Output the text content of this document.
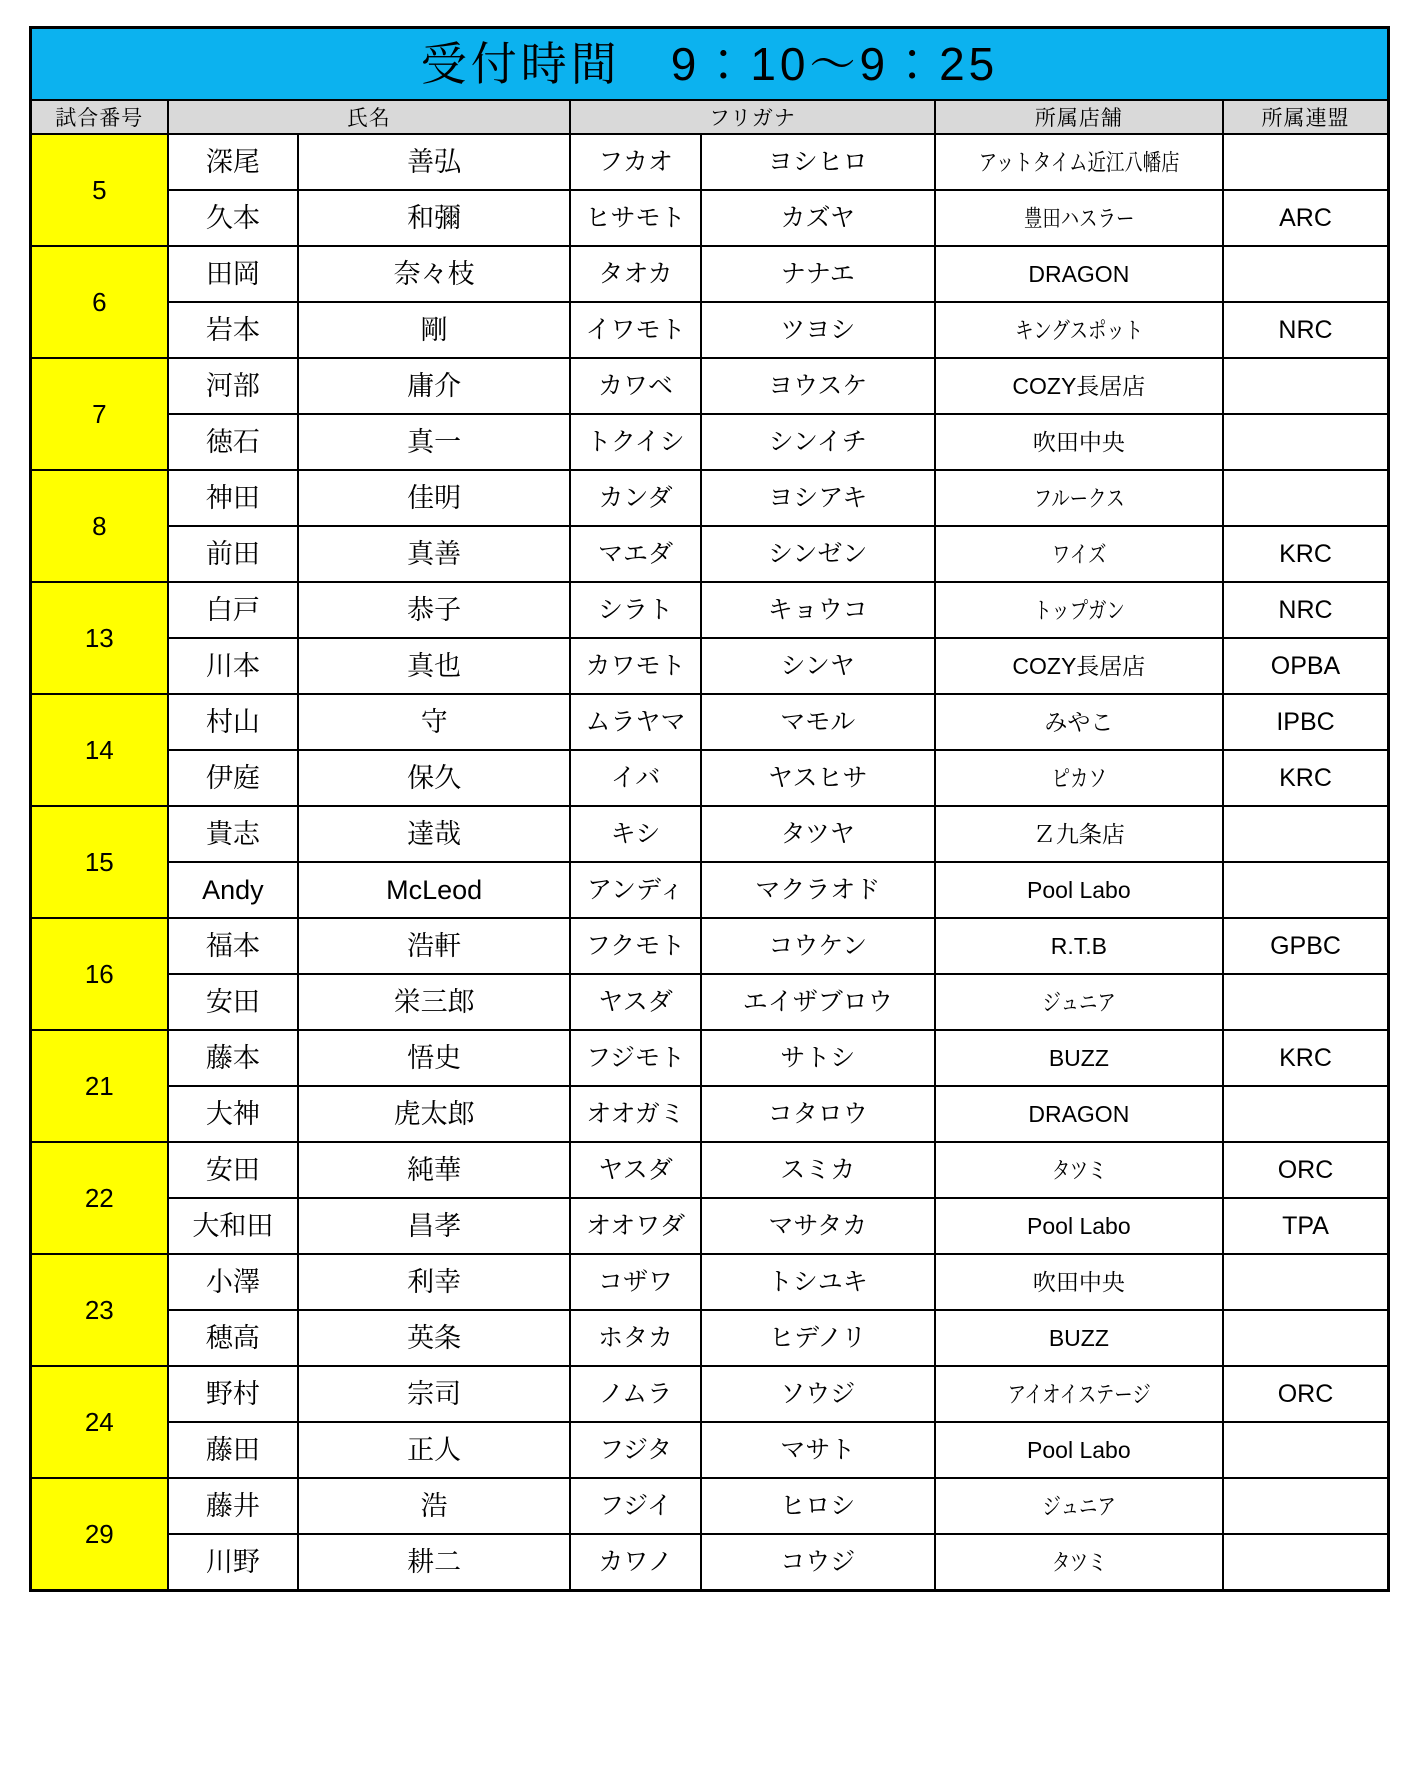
受付時間　9：10〜9：25						
試合番号	氏名		フリガナ		所属店舗	所属連盟
5	深尾	善弘	フカオ	ヨシヒロ	アットタイム近江八幡店	

	久本	和彌	ヒサモト	カズヤ	豊田ハスラー	ARC

6	田岡	奈々枝	タオカ	ナナエ	DRAGON	

	岩本	剛	イワモト	ツヨシ	キングスポット	NRC

7	河部	庸介	カワベ	ヨウスケ	COZY長居店	

	徳石	真一	トクイシ	シンイチ	吹田中央	

8	神田	佳明	カンダ	ヨシアキ	フルークス	

	前田	真善	マエダ	シンゼン	ワイズ	KRC

13	白戸	恭子	シラト	キョウコ	トップガン	NRC

	川本	真也	カワモト	シンヤ	COZY長居店	OPBA

14	村山	守	ムラヤマ	マモル	みやこ	IPBC

	伊庭	保久	イバ	ヤスヒサ	ピカソ	KRC

15	貴志	達哉	キシ	タツヤ	Ｚ九条店	

	Andy	McLeod	アンディ	マクラオド	Pool Labo	

16	福本	浩軒	フクモト	コウケン	R.T.B	GPBC

	安田	栄三郎	ヤスダ	エイザブロウ	ジュニア	

21	藤本	悟史	フジモト	サトシ	BUZZ	KRC

	大神	虎太郎	オオガミ	コタロウ	DRAGON	

22	安田	純華	ヤスダ	スミカ	タツミ	ORC

	大和田	昌孝	オオワダ	マサタカ	Pool Labo	TPA

23	小澤	利幸	コザワ	トシユキ	吹田中央	

	穂高	英条	ホタカ	ヒデノリ	BUZZ	

24	野村	宗司	ノムラ	ソウジ	アイオイステージ	ORC

	藤田	正人	フジタ	マサト	Pool Labo	

29	藤井	浩	フジイ	ヒロシ	ジュニア	

	川野	耕二	カワノ	コウジ	タツミ	
